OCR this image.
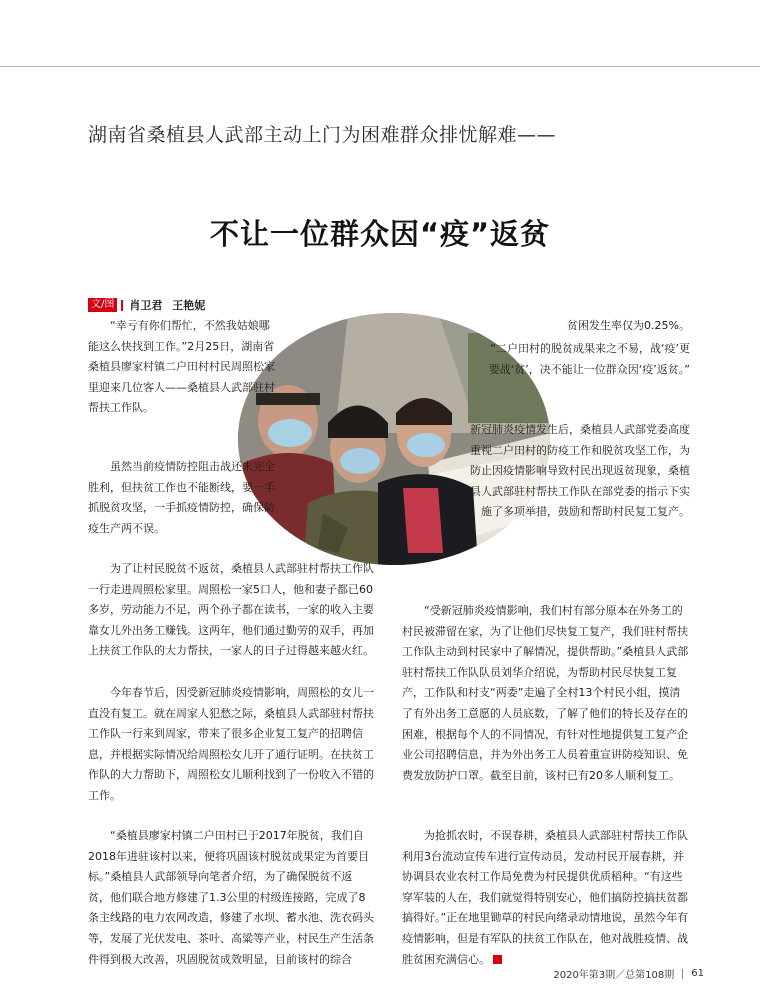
湖南省桑植县人武部主动上门为困难群众排忧解难——
不让一位群众因“疫”返贫
文/图 肖卫君 王艳妮

“幸亏有你们帮忙，不然我姑娘哪能这么快找到工作。”2月25日，湖南省桑植县廖家村镇二户田村村民周照松家里迎来几位客人——桑植县人武部驻村帮扶工作队。

虽然当前疫情防控阻击战还未完全胜利，但扶贫工作也不能断线，要一手抓脱贫攻坚，一手抓疫情防控，确保防疫生产两不误。

为了让村民脱贫不返贫，桑植县人武部驻村帮扶工作队一行走进周照松家里。周照松一家5口人，他和妻子都已60多岁，劳动能力不足，两个孙子都在读书，一家的收入主要靠女儿外出务工赚钱。这两年，他们通过勤劳的双手，再加上扶贫工作队的大力帮扶，一家人的日子过得越来越火红。

今年春节后，因受新冠肺炎疫情影响，周照松的女儿一直没有复工。就在周家人犯愁之际，桑植县人武部驻村帮扶工作队一行来到周家，带来了很多企业复工复产的招聘信息，并根据实际情况给周照松女儿开了通行证明。在扶贫工作队的大力帮助下，周照松女儿顺利找到了一份收入不错的工作。

“桑植县廖家村镇二户田村已于2017年脱贫，我们自2018年进驻该村以来，便将巩固该村脱贫成果定为首要目标。”桑植县人武部领导向笔者介绍，为了确保脱贫不返贫，他们联合地方修建了1.3公里的村级连接路，完成了8条主线路的电力农网改造，修建了水坝、蓄水池、洗衣码头等，发展了光伏发电、茶叶、高粱等产业，村民生产生活条件得到极大改善，巩固脱贫成效明显，目前该村的综合

贫困发生率仅为0.25%。

“二户田村的脱贫成果来之不易，战‘疫’更要战‘贫’，决不能让一位群众因‘疫’返贫。”

新冠肺炎疫情发生后，桑植县人武部党委高度重视二户田村的防疫工作和脱贫攻坚工作，为防止因疫情影响导致村民出现返贫现象，桑植县人武部驻村帮扶工作队在部党委的指示下实施了多项举措，鼓励和帮助村民复工复产。

“受新冠肺炎疫情影响，我们村有部分原本在外务工的村民被滞留在家，为了让他们尽快复工复产，我们驻村帮扶工作队主动到村民家中了解情况，提供帮助。”桑植县人武部驻村帮扶工作队队员刘华介绍说，为帮助村民尽快复工复产，工作队和村支“两委”走遍了全村13个村民小组，摸清了有外出务工意愿的人员底数，了解了他们的特长及存在的困难，根据每个人的不同情况，有针对性地提供复工复产企业公司招聘信息，并为外出务工人员着重宣讲防疫知识、免费发放防护口罩。截至目前，该村已有20多人顺利复工。

为抢抓农时，不误春耕，桑植县人武部驻村帮扶工作队利用3台流动宣传车进行宣传动员，发动村民开展春耕，并协调县农业农村工作局免费为村民提供优质稻种。“有这些穿军装的人在，我们就觉得特别安心，他们搞防控搞扶贫都搞得好。”正在地里锄草的村民向绪录动情地说，虽然今年有疫情影响，但是有军队的扶贫工作队在，他对战胜疫情、战胜贫困充满信心。	G

2020年第3期／总第108期 61
